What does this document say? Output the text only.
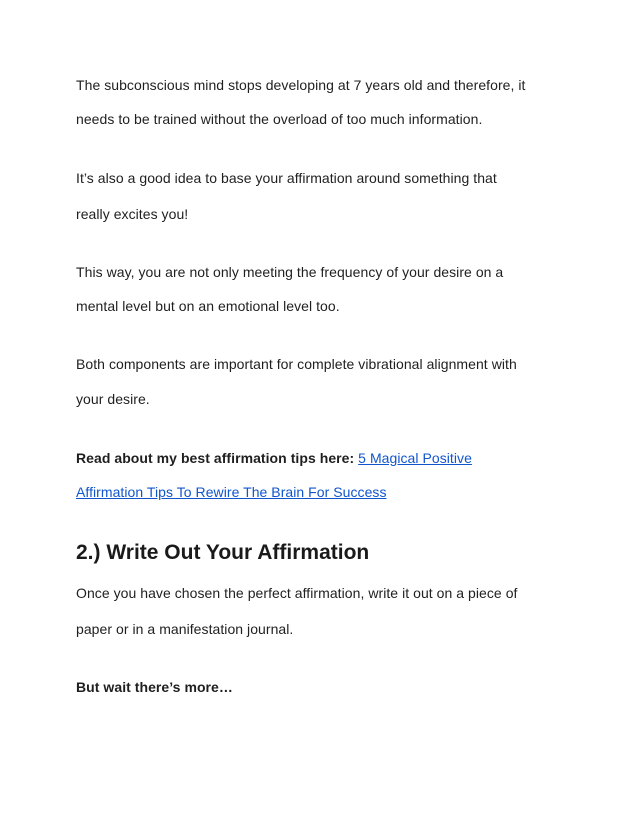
The subconscious mind stops developing at 7 years old and therefore, it
needs to be trained without the overload of too much information.
It’s also a good idea to base your affirmation around something that
really excites you!
This way, you are not only meeting the frequency of your desire on a
mental level but on an emotional level too.
Both components are important for complete vibrational alignment with
your desire.
Read about my best affirmation tips here: 5 Magical Positive
Affirmation Tips To Rewire The Brain For Success
2.) Write Out Your Affirmation
Once you have chosen the perfect affirmation, write it out on a piece of
paper or in a manifestation journal.
But wait there’s more…
